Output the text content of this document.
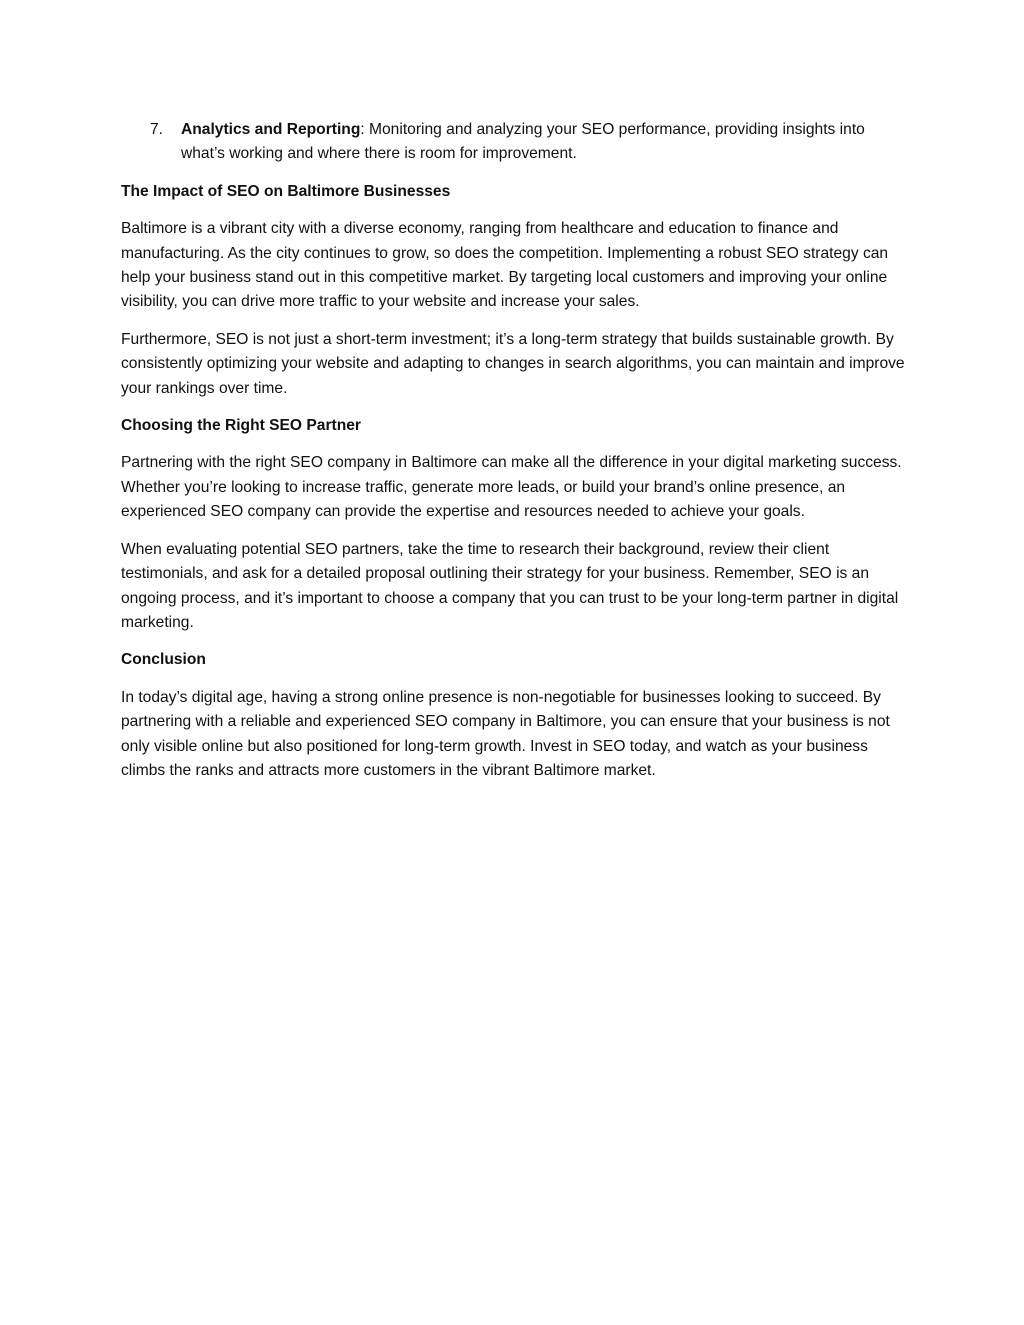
7. Analytics and Reporting: Monitoring and analyzing your SEO performance, providing insights into what’s working and where there is room for improvement.
The Impact of SEO on Baltimore Businesses

Baltimore is a vibrant city with a diverse economy, ranging from healthcare and education to finance and manufacturing. As the city continues to grow, so does the competition. Implementing a robust SEO strategy can help your business stand out in this competitive market. By targeting local customers and improving your online visibility, you can drive more traffic to your website and increase your sales.

Furthermore, SEO is not just a short-term investment; it’s a long-term strategy that builds sustainable growth. By consistently optimizing your website and adapting to changes in search algorithms, you can maintain and improve your rankings over time.

Choosing the Right SEO Partner

Partnering with the right SEO company in Baltimore can make all the difference in your digital marketing success. Whether you’re looking to increase traffic, generate more leads, or build your brand’s online presence, an experienced SEO company can provide the expertise and resources needed to achieve your goals.

When evaluating potential SEO partners, take the time to research their background, review their client testimonials, and ask for a detailed proposal outlining their strategy for your business. Remember, SEO is an ongoing process, and it’s important to choose a company that you can trust to be your long-term partner in digital marketing.

Conclusion

In today’s digital age, having a strong online presence is non-negotiable for businesses looking to succeed. By partnering with a reliable and experienced SEO company in Baltimore, you can ensure that your business is not only visible online but also positioned for long-term growth. Invest in SEO today, and watch as your business climbs the ranks and attracts more customers in the vibrant Baltimore market.
